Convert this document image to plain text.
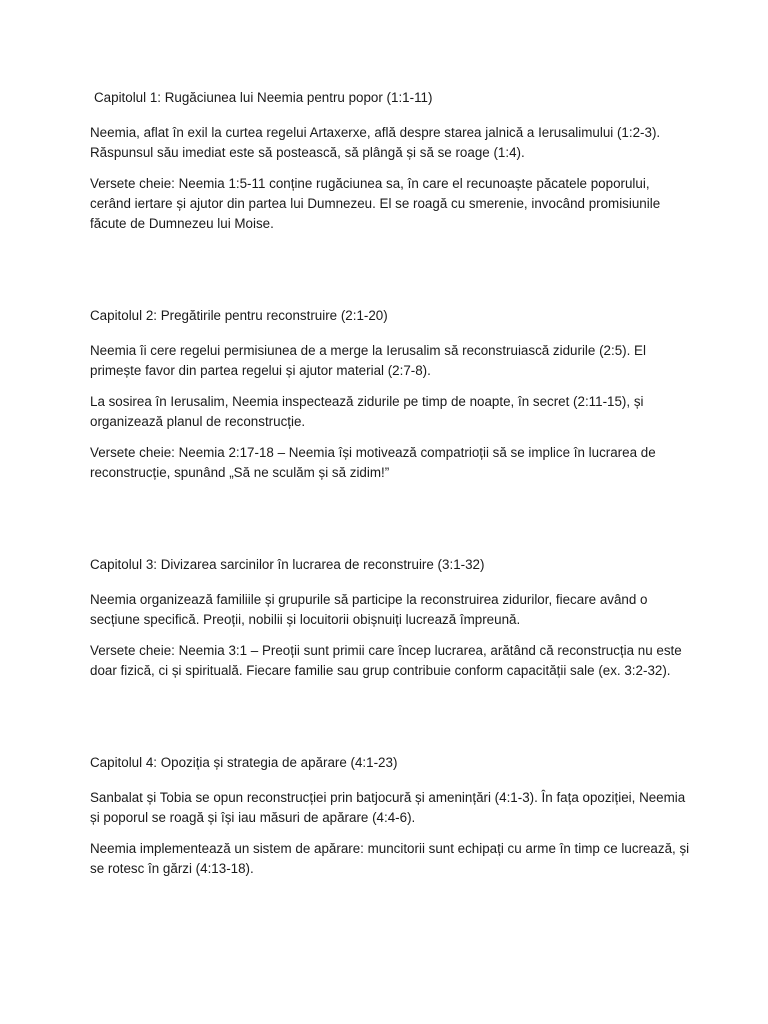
Capitolul 1: Rugăciunea lui Neemia pentru popor (1:1-11)

Neemia, aflat în exil la curtea regelui Artaxerxe, află despre starea jalnică a Ierusalimului (1:2-3). Răspunsul său imediat este să postească, să plângă și să se roage (1:4).

Versete cheie: Neemia 1:5-11 conține rugăciunea sa, în care el recunoaște păcatele poporului, cerând iertare și ajutor din partea lui Dumnezeu. El se roagă cu smerenie, invocând promisiunile făcute de Dumnezeu lui Moise.

Capitolul 2: Pregătirile pentru reconstruire (2:1-20)

Neemia îi cere regelui permisiunea de a merge la Ierusalim să reconstruiască zidurile (2:5). El primește favor din partea regelui și ajutor material (2:7-8).

La sosirea în Ierusalim, Neemia inspectează zidurile pe timp de noapte, în secret (2:11-15), și organizează planul de reconstrucție.

Versete cheie: Neemia 2:17-18 – Neemia își motivează compatrioții să se implice în lucrarea de reconstrucție, spunând „Să ne sculăm și să zidim!”

Capitolul 3: Divizarea sarcinilor în lucrarea de reconstruire (3:1-32)

Neemia organizează familiile și grupurile să participe la reconstruirea zidurilor, fiecare având o secțiune specifică. Preoții, nobilii și locuitorii obișnuiți lucrează împreună.

Versete cheie: Neemia 3:1 – Preoții sunt primii care încep lucrarea, arătând că reconstrucția nu este doar fizică, ci și spirituală. Fiecare familie sau grup contribuie conform capacității sale (ex. 3:2-32).

Capitolul 4: Opoziția și strategia de apărare (4:1-23)

Sanbalat și Tobia se opun reconstrucției prin batjocură și amenințări (4:1-3). În fața opoziției, Neemia și poporul se roagă și își iau măsuri de apărare (4:4-6).

Neemia implementează un sistem de apărare: muncitorii sunt echipați cu arme în timp ce lucrează, și se rotesc în gărzi (4:13-18).
